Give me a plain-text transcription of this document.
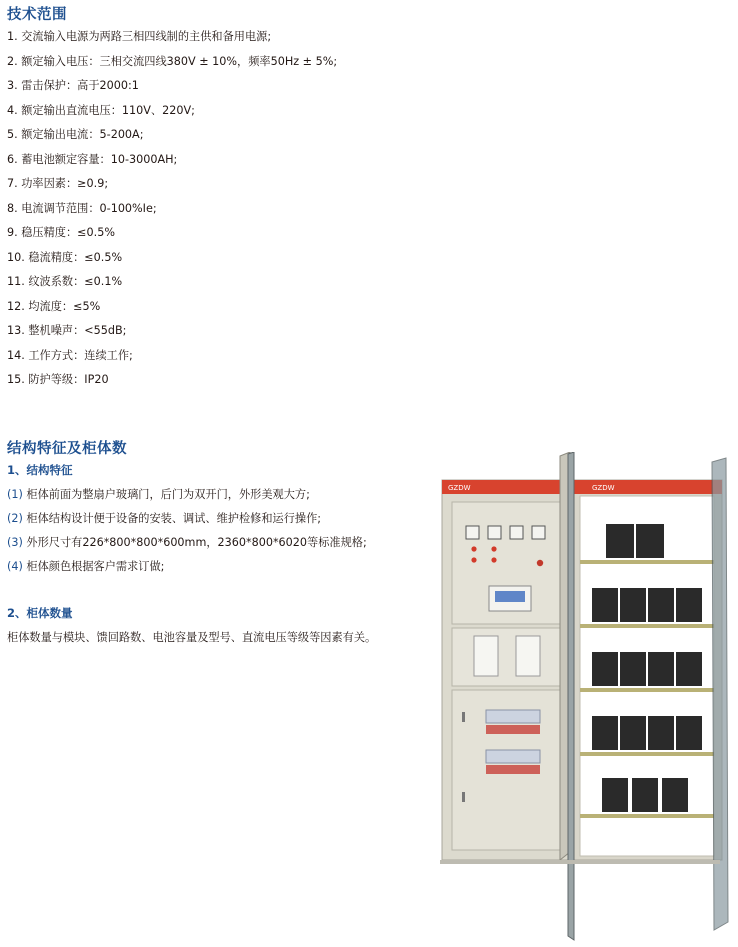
技术范围
1. 交流输入电源为两路三相四线制的主供和备用电源;
2. 额定输入电压：三相交流四线380V ± 10%，频率50Hz ± 5%;
3. 雷击保护：高于2000:1
4. 额定输出直流电压：110V、220V;
5. 额定输出电流：5-200A;
6. 蓄电池额定容量：10-3000AH;
7. 功率因素：≥0.9;
8. 电流调节范围：0-100%Ie;
9. 稳压精度：≤0.5%
10. 稳流精度：≤0.5%
11. 纹波系数：≤0.1%
12. 均流度：≤5%
13. 整机噪声：<55dB;
14. 工作方式：连续工作;
15. 防护等级：IP20
结构特征及柜体数
1、结构特征
(1) 柜体前面为整扇户玻璃门，后门为双开门，外形美观大方;
(2) 柜体结构设计便于设备的安装、调试、维护检修和运行操作;
(3) 外形尺寸有226*800*800*600mm，2360*800*6020等标准规格;
(4) 柜体颜色根据客户需求订做;
2、柜体数量

柜体数量与模块、馈回路数、电池容量及型号、直流电压等级等因素有关。

GZDW	GZDW
